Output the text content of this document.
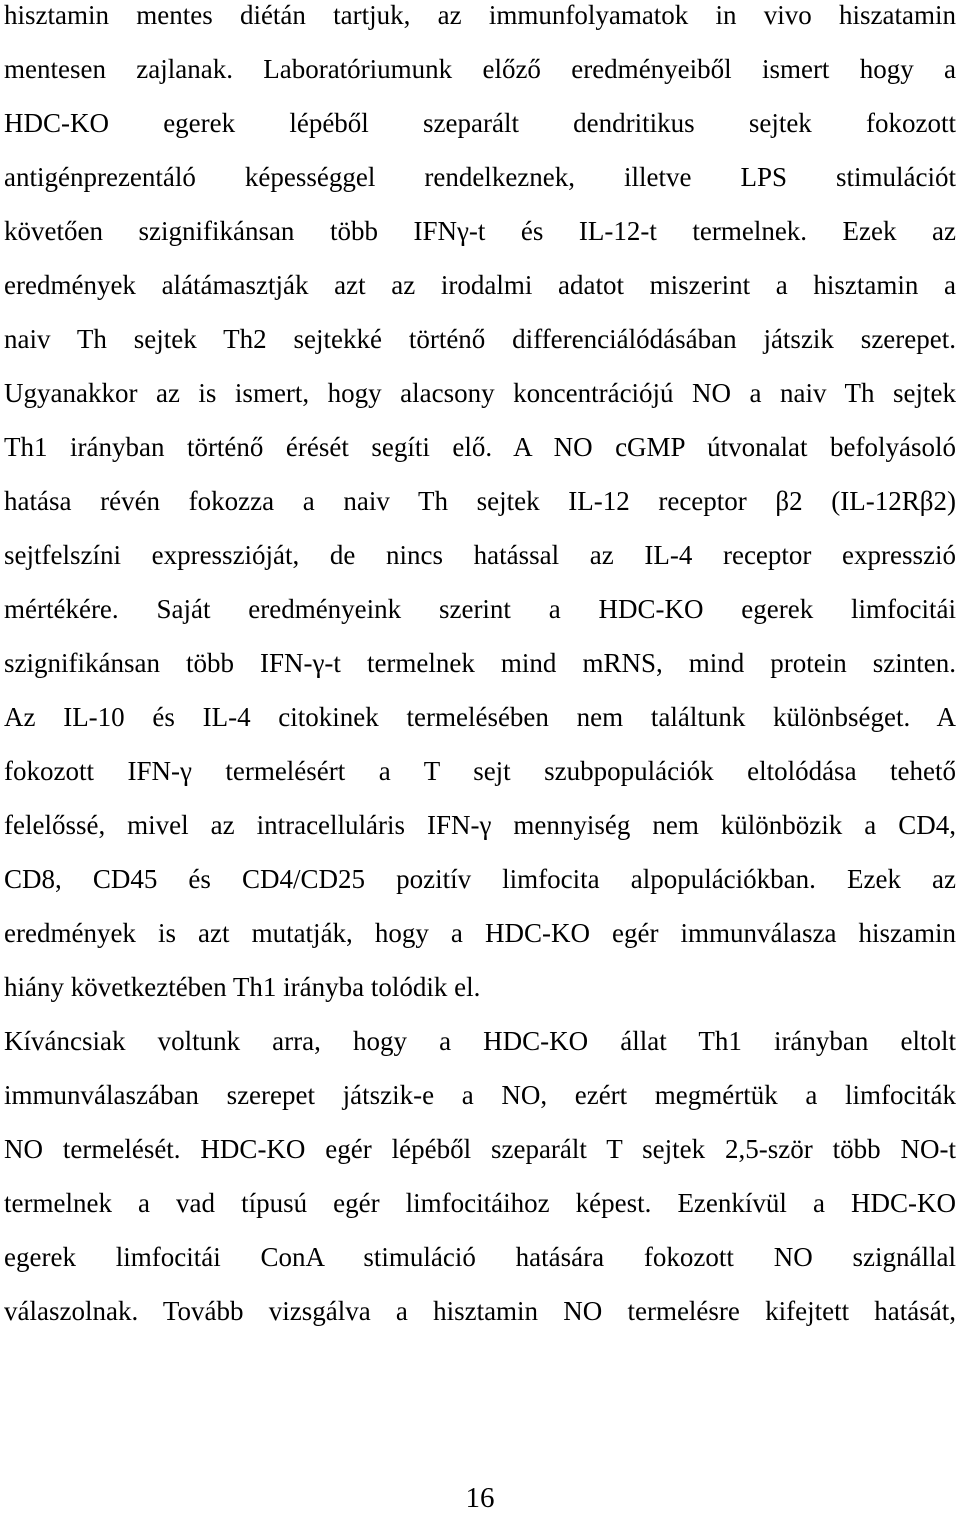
hisztamin mentes diétán tartjuk, az immunfolyamatok in vivo hiszatamin
mentesen zajlanak. Laboratóriumunk előző eredményeiből ismert hogy a
HDC-KO egerek lépéből szeparált dendritikus sejtek fokozott
antigénprezentáló képességgel rendelkeznek, illetve LPS stimulációt
követően szignifikánsan több IFNγ-t és IL-12-t termelnek. Ezek az
eredmények alátámasztják azt az irodalmi adatot miszerint a hisztamin a
naiv Th sejtek Th2 sejtekké történő differenciálódásában játszik szerepet.
Ugyanakkor az is ismert, hogy alacsony koncentrációjú NO a naiv Th sejtek
Th1 irányban történő érését segíti elő. A NO cGMP útvonalat befolyásoló
hatása révén fokozza a naiv Th sejtek IL-12 receptor β2 (IL-12Rβ2)
sejtfelszíni expresszióját, de nincs hatással az IL-4 receptor expresszió
mértékére. Saját eredményeink szerint a HDC-KO egerek limfocitái
szignifikánsan több IFN-γ-t termelnek mind mRNS, mind protein szinten.
Az IL-10 és IL-4 citokinek termelésében nem találtunk különbséget. A
fokozott IFN-γ termelésért a T sejt szubpopulációk eltolódása tehető
felelőssé, mivel az intracelluláris IFN-γ mennyiség nem különbözik a CD4,
CD8, CD45 és CD4/CD25 pozitív limfocita alpopulációkban. Ezek az
eredmények is azt mutatják, hogy a HDC-KO egér immunválasza hiszamin
hiány következtében Th1 irányba tolódik el.
Kíváncsiak voltunk arra, hogy a HDC-KO állat Th1 irányban eltolt
immunválaszában szerepet játszik-e a NO, ezért megmértük a limfociták
NO termelését. HDC-KO egér lépéből szeparált T sejtek 2,5-ször több NO-t
termelnek a vad típusú egér limfocitáihoz képest. Ezenkívül a HDC-KO
egerek limfocitái ConA stimuláció hatására fokozott NO szignállal
válaszolnak. Tovább vizsgálva a hisztamin NO termelésre kifejtett hatását,
16
